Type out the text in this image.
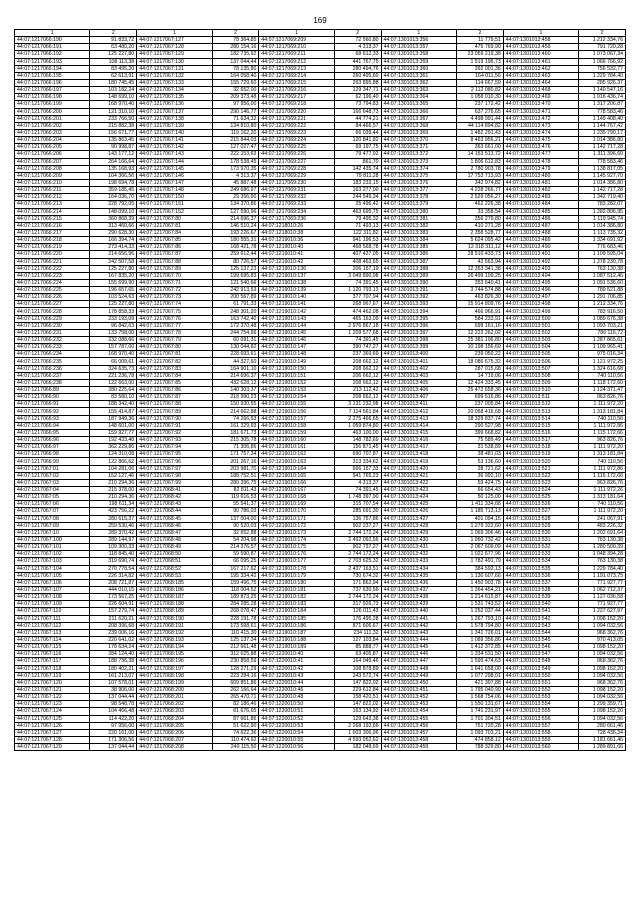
169
1	2	1	2	1	2	1	2	1	2
44:07:1217066:190	91 833,72	44:07:1217067:127	78 364,85	44:07:1217069:209	72 560,80	44:07:1301013:356	11 779,51	44:07:1301013:458	1 212 334,76
44:07:1217066:191	63 480,20	44:07:1217067:128	280 154,16	44:07:1217069:210	4 313,37	44:07:1301013:357	475 769,90	44:07:1301013:459	791 720,28
44:07:1217066:192	125 227,80	44:07:1217067:129	182 735,92	44:07:1217069:211	68 612,33	44:07:1301013:358	23 059 219,38	44:07:1301013:460	1 073 067,34
44:07:1217066:193	108 113,38	44:07:1217067:130	137 044,44	44:07:1217069:212	441 767,75	44:07:1301013:359	1 519 196,73	44:07:1301013:461	1 066 766,92
44:07:1217066:194	83 495,20	44:07:1217067:131	78 135,80	44:07:1217069:213	280 494,76	44:07:1301013:360	392 001,36	44:07:1301013:462	756 532,77
44:07:1217066:195	62 613,91	44:07:1217067:132	164 058,40	44:07:1217069:214	260 495,60	44:07:1301013:361	164 011,56	44:07:1301013:463	1 229 784,40
44:07:1217066:196	180 745,45	44:07:1217067:133	155 729,60	44:07:1217069:215	263 895,88	44:07:1301013:362	114 667,59	44:07:1301013:464	285 926,37
44:07:1217066:197	103 182,24	44:07:1217067:134	32 652,00	44:07:1217069:216	129 347,71	44:07:1301013:363	2 112 080,82	44:07:1301013:468	1 140 547,16
44:07:1217066:198	148 699,10	44:07:1217067:135	209 373,48	44:07:1217069:217	62 196,40	44:07:1301013:364	1 058 010,30	44:07:1301013:469	1 016 436,74
44:07:1217066:199	168 970,40	44:07:1217067:136	97 956,00	44:07:1217069:218	73 794,83	44:07:1301013:365	237 172,42	44:07:1301013:470	1 317 206,87
44:07:1217066:200	121 310,10	44:07:1217067:137	290 146,77	44:07:1217069:220	166 648,73	44:07:1301013:366	637 276,65	44:07:1301013:471	778 583,46
44:07:1217066:201	233 766,50	44:07:1217067:138	71 634,32	44:07:1217069:221	44 774,21	44:07:1301013:367	4 498 991,44	44:07:1301013:472	1 149 408,40
44:07:1217066:202	215 882,38	44:07:1217067:139	134 810,80	44:07:1217069:222	84 466,57	44:07:1301013:368	44 114 894,82	44:07:1301013:473	1 144 767,42
44:07:1217066:203	156 671,77	44:07:1217067:140	119 162,20	44:07:1217069:223	66 039,44	44:07:1301013:369	1 482 291,43	44:07:1301013:474	1 235 790,17
44:07:1217066:204	135 863,45	44:07:1217067:141	215 844,03	44:07:1217069:224	120 841,82	44:07:1301013:370	8 463 956,21	44:07:1301013:475	1 014 386,80
44:07:1217066:205	90 998,87	44:07:1217067:142	127 027,47	44:07:1217069:225	69 197,75	44:07:1301013:371	363 661,00	44:07:1301013:476	1 142 717,28
44:07:1217066:206	143 177,12	44:07:1217067:143	222 153,63	44:07:1217069:226	79 477,92	44:07:1301013:372	14 153 513,72	44:07:1301013:477	1 311 396,60
44:07:1217066:207	264 166,64	44:07:1217067:144	178 538,45	44:07:1217069:227	861,70	44:07:1301013:373	1 806 612,83	44:07:1301013:478	778 583,46
44:07:1217066:208	135 168,93	44:07:1217067:145	173 970,35	44:07:1217069:228	142 435,74	44:07:1301013:374	2 780 903,78	44:07:1301013:479	1 138 817,05
44:07:1217066:209	104 366,56	44:07:1217067:146	4 313,37	44:07:1217069:229	79 811,28	44:07:1301013:375	17 753 713,93	44:07:1301013:480	1 145 927,70
44:07:1217066:210	198 694,78	44:07:1217067:147	45 887,48	44:07:1217069:230	183 233,15	44:07:1301013:376	342 974,82	44:07:1301013:481	1 014 386,80
44:07:1217066:211	359 185,45	44:07:1217067:148	249 686,97	44:07:1217069:231	163 277,00	44:07:1301013:377	4 228 266,77	44:07:1301013:482	1 142 717,28
44:07:1217066:212	164 036,70	44:07:1217067:150	29 356,90	44:07:1217069:232	244 549,34	44:07:1301013:378	2 529 056,27	44:07:1301013:483	1 342 719,40
44:07:1217066:213	228 792,05	44:07:1217067:151	134 370,86	44:07:1217069:233	25 496,42	44:07:1301013:379	462 226,38	44:07:1301013:484	783 282,07
44:07:1217066:214	148 099,10	44:07:1217067:152	127 590,96	44:07:1217069:234	463 695,75	44:07:1301013:380	33 358,54	44:07:1301013:485	1 282 806,95
44:07:1217066:215	360 868,39	44:07:1217067:80	214 696,37	44:07:1217069:236	79 495,32	44:07:1301013:381	356 279,80	44:07:1301013:486	1 119 945,74
44:07:1217066:216	313 460,66	44:07:1217067:81	146 510,24	44:07:1218010:26	71 493,13	44:07:1301013:382	410 271,28	44:07:1301013:487	1 014 386,80
44:07:1217066:217	290 628,30	44:07:1217067:84	193 226,67	44:07:1218010:38	122 311,82	44:07:1301013:383	2 358 528,77	44:07:1301013:488	1 113 735,32
44:07:1217066:218	166 394,74	44:07:1217067:85	180 555,31	44:07:1219010:36	941 196,53	44:07:1301013:384	5 624 095,42	44:07:1301013:489	1 334 691,92
44:07:1217066:219	273 414,33	44:07:1217067:86	168 421,78	44:07:1219010:40	468 568,78	44:07:1301013:385	12 318 311,12	44:07:1301013:490	776 683,46
44:07:1217066:220	214 656,96	44:07:1217067:87	259 612,44	44:07:1219010:41	407 437,05	44:07:1301013:386	28 510 433,73	44:07:1301013:491	1 109 595,04
44:07:1217066:221	242 507,58	44:07:1217067:88	80 726,57	44:07:1219010:42	408 463,65	44:07:1301013:387	42 663,94	44:07:1301013:492	1 278 230,78
44:07:1217066:222	125 227,80	44:07:1217067:89	125 137,23	44:07:1219010:136	206 157,19	44:07:1301013:388	12 353 341,38	44:07:1301013:493	763 130,38
44:07:1217066:223	167 835,20	44:07:1217067:70	199 695,83	44:07:1219010:137	3 049 890,98	44:07:1301013:389	26 499 109,25	44:07:1301013:494	1 087 512,46
44:07:1217066:224	155 699,90	44:07:1217067:71	121 540,66	44:07:1219010:138	74 391,45	44:07:1301013:390	353 640,41	44:07:1301013:495	1 091 536,60
44:07:1217066:225	196 657,65	44:07:1217067:72	242 913,53	44:07:1219010:139	1 120 793,13	44:07:1301013:391	3 744 574,88	44:07:1301013:496	789 521,88
44:07:1217066:226	103 524,63	44:07:1217067:73	200 567,89	44:07:1219010:140	377 707,94	44:07:1301013:392	463 826,30	44:07:1301013:497	1 291 706,85
44:07:1217066:227	125 227,80	44:07:1217067:74	61 791,33	44:07:1219010:141	268 967,67	44:07:1301013:393	15 914 809,76	44:07:1301013:498	1 212 334,76
44:07:1217066:228	178 858,33	44:07:1217067:75	248 301,20	44:07:1219010:142	474 462,08	44:07:1301013:394	466 966,91	44:07:1301013:499	783 916,50
44:07:1217066:229	233 193,09	44:07:1217067:76	163 742,40	44:07:1219010:143	465 163,09	44:07:1301013:395	584 233,91	44:07:1301013:500	1 089 676,38
44:07:1217066:230	96 842,63	44:07:1217067:77	172 370,48	44:07:1219010:144	2 976 867,18	44:07:1301013:396	699 161,16	44:07:1301013:501	1 093 703,21
44:07:1217066:231	133 758,00	44:07:1217067:78	244 754,66	44:07:1219010:145	1 209 577,68	44:07:1301013:397	12 223 262,02	44:07:1301013:502	786 116,72
44:07:1217066:232	232 088,66	44:07:1217067:79	60 091,31	44:07:1219010:146	74 391,45	44:07:1301013:398	25 381 196,80	44:07:1301013:503	1 287 865,61
44:07:1217066:233	157 787,00	44:07:1217067:80	130 044,82	44:07:1219010:147	390 747,27	44:07:1301013:399	10 198 156,69	44:07:1301013:504	1 109 965,41
44:07:1217066:234	168 970,40	44:07:1217067:81	228 693,61	44:07:1219010:148	237 369,69	44:07:1301013:400	239 050,22	44:07:1301013:505	975 016,34
44:07:1217066:235	66 009,61	44:07:1217067:82	44 327,60	44:07:1219010:149	208 662,12	44:07:1301013:401	18 086 675,32	44:07:1301013:506	1 121 972,25
44:07:1217066:236	324 635,73	44:07:1217067:83	164 901,10	44:07:1219010:150	208 662,12	44:07:1301013:402	287 015,68	44:07:1301013:507	1 324 616,68
44:07:1217066:237	221 236,78	44:07:1217067:84	214 696,37	44:07:1219010:151	206 662,12	44:07:1301013:403	14 719,06	44:07:1301013:508	740 110,56
44:07:1217066:238	122 663,00	44:07:1217067:85	432 628,12	44:07:1219010:152	208 662,12	44:07:1301013:405	12 424 333,45	44:07:1301013:509	1 118 172,60
44:07:1217066:89	280 225,64	44:07:1217067:86	140 303,37	44:07:1219010:153	213 112,42	44:07:1301013:406	25 472 658,36	44:07:1301013:510	1 124 371,47
44:07:1217066:90	83 580,10	44:07:1217067:87	218 990,23	44:07:1219010:154	208 662,12	44:07:1301013:407	699 516,86	44:07:1301013:511	963 826,76
44:07:1217066:91	188 342,40	44:07:1217067:88	150 930,55	44:07:1219010:155	3 131 232,98	44:07:1301013:411	237 005,84	44:07:1301013:512	1 111 972,20
44:07:1217066:92	155 414,87	44:07:1217067:89	214 662,88	44:07:1219010:156	7 114 561,84	44:07:1301013:412	20 058 416,68	44:07:1301013:513	1 313 181,84
44:07:1217066:93	187 949,36	44:07:1217067:90	74 266,53	44:07:1219010:157	2 275 466,65	44:07:1301013:413	18 329 837,74	44:07:1301013:514	740 110,56
44:07:1217066:94	148 601,00	44:07:1217067:91	161 329,93	44:07:1219010:158	1 059 874,80	44:07:1301013:414	290 527,98	44:07:1301013:515	1 111 972,86
44:07:1217066:95	159 927,77	44:07:1217067:92	181 671,73	44:07:1219010:159	463 100,00	44:07:1301013:415	399 668,82	44:07:1301013:516	1 115 172,66
44:07:1217066:96	192 433,48	44:07:1217067:93	215 305,78	44:07:1219010:160	148 782,69	44:07:1301013:416	75 589,49	44:07:1301013:517	963 826,76
44:07:1217066:97	362 229,86	44:07:1217067:94	71 306,86	44:07:1219010:161	156 871,45	44:07:1301013:417	31 538,89	44:07:1301013:518	1 111 972,20
44:07:1217066:98	124 310,08	44:07:1217067:95	171 757,34	44:07:1219010:162	690 707,87	44:07:1301013:418	38 481,03	44:07:1301013:519	1 313 181,84
44:07:1217066:99	122 866,62	44:07:1217067:96	201 267,16	44:07:1219010:163	313 334,62	44:07:1301013:419	53 136,60	44:07:1301013:520	740 110,56
44:07:1217067:01	104 281,06	44:07:1217067:97	203 981,70	44:07:1219010:164	666 157,33	44:07:1301013:420	28 721,62	44:07:1301013:521	1 111 972,86
44:07:1217067:02	152 127,46	44:07:1217067:98	188 752,51	44:07:1219010:165	941 765,23	44:07:1301013:421	36 992,10	44:07:1301013:522	1 115 172,66
44:07:1217067:03	210 294,36	44:07:1217067:99	280 396,75	44:07:1219010:166	4 313,37	44:07:1301013:422	59 424,75	44:07:1301013:523	963 826,76
44:07:1217067:04	215 378,00	44:07:1217068:41	82 811,43	44:07:1219010:167	74 391,45	44:07:1301013:423	66 654,43	44:07:1301013:524	1 111 972,26
44:07:1217067:05	210 294,36	44:07:1217068:42	119 616,53	44:07:1219010:168	1 748 397,90	44:07:1301013:424	50 125,00	44:07:1301013:525	1 313 181,64
44:07:1217067:06	198 611,34	44:07:1217068:43	55 541,37	44:07:1219010:169	315 707,54	44:07:1301013:425	1 411 334,68	44:07:1301013:526	740 110,56
44:07:1217067:07	423 756,22	44:07:1217068:44	90 786,03	44:07:1219010:170	285 691,30	44:07:1301013:426	1 185 713,13	44:07:1301013:527	1 111 972,20
44:07:1217067:08	280 615,37	44:07:1217068:45	137 004,00	44:07:1219010:171	136 757,86	44:07:1301013:427	401 094,15	44:07:1301013:528	241 067,91
44:07:1217067:09	259 530,46	44:07:1217068:46	90 520,03	44:07:1219010:172	902 237,27	44:07:1301013:428	1 279 322,60	44:07:1301013:529	483 226,32
44:07:1217067:10	289 370,42	44:07:1217068:47	32 652,88	44:07:1219010:173	2 744 172,24	44:07:1301013:429	1 069 306,46	44:07:1301013:530	1 202 691,64
44:07:1217067:100	289 144,97	44:07:1217068:48	54 204,98	44:07:1219010:174	2 492 092,56	44:07:1301013:430	1 950 732,42	44:07:1301013:531	763 130,38
44:07:1217067:101	109 300,33	44:07:1217068:49	214 376,57	44:07:1219010:175	902 737,27	44:07:1301013:431	2 067 609,09	44:07:1301013:532	1 280 500,39
44:07:1217067:102	118 845,40	44:07:1217068:50	59 590,87	44:07:1219010:176	2 744 172,24	44:07:1301013:432	1 022 677,96	44:07:1301013:533	1 048 394,28
44:07:1217067:103	319 690,74	44:07:1217068:51	66 095,25	44:07:1219010:177	2 703 625,32	44:07:1301013:433	1 782 491,79	44:07:1301013:534	763 130,38
44:07:1217067:104	270 778,54	44:07:1217068:52	167 217,62	44:07:1219010:178	2 437 163,51	44:07:1301013:434	384 592,13	44:07:1301013:535	1 229 784,40
44:07:1217067:105	226 314,82	44:07:1217068:53	195 334,42	44:07:1219010:179	730 674,32	44:07:1301013:435	1 130 607,66	44:07:1301013:536	1 191 073,75
44:07:1217067:106	208 721,87	44:07:1217068:185	159 496,75	44:07:1219010:180	171 862,94	44:07:1301013:436	1 450 903,78	44:07:1301013:537	771 927,77
44:07:1217067:107	444 010,15	44:07:1217068:186	118 004,52	44:07:1219010:181	737 630,56	44:07:1301013:437	1 264 454,21	44:07:1301013:538	1 062 712,37
44:07:1217067:108	173 567,25	44:07:1217068:187	189 873,25	44:07:1219010:182	2 744 172,24	44:07:1301013:438	1 214 615,87	44:07:1301013:539	1 127 036,58
44:07:1217067:109	226 604,91	44:07:1217068:188	284 285,28	44:07:1219010:183	317 926,73	44:07:1301013:439	1 531 743,52	44:07:1301013:540	771 927,77
44:07:1217067:110	157 279,74	44:07:1217068:189	268 078,47	44:07:1219010:184	126 011,43	44:07:1301013:440	1 252 037,44	44:07:1301013:541	1 227 627,97
44:07:1217067:111	211 620,21	44:07:1217068:190	228 191,78	44:07:1219010:185	176 495,28	44:07:1301013:441	1 267 793,10	44:07:1301013:542	1 098 152,20
44:07:1217067:112	208 396,68	44:07:1217068:191	173 598,61	44:07:1219010:186	871 606,67	44:07:1301013:442	1 578 794,80	44:07:1301013:543	1 094 032,56
44:07:1217067:113	239 006,16	44:07:1217068:192	110 415,30	44:07:1219010:187	234 111,32	44:07:1301013:443	1 341 726,01	44:07:1301013:544	968 362,76
44:07:1217067:114	220 641,02	44:07:1217068:193	125 137,34	44:07:1219010:188	127 103,84	44:07:1301013:444	1 089 356,86	44:07:1301013:545	970 413,05
44:07:1217067:115	178 634,24	44:07:1217068:194	212 661,48	44:07:1219010:189	85 888,77	44:07:1301013:445	1 412 372,85	44:07:1301013:546	1 098 152,20
44:07:1217067:116	284 124,40	44:07:1217068:195	312 025,88	44:07:1220010:40	63 405,87	44:07:1301013:446	1 334 531,50	44:07:1301013:547	1 094 032,56
44:07:1217067:117	188 736,38	44:07:1217068:196	230 858,59	44:07:1220010:41	164 049,46	44:07:1301013:447	1 599 474,63	44:07:1301013:548	968 362,76
44:07:1217067:118	180 402,21	44:07:1217068:197	128 271,29	44:07:1220010:42	108 878,89	44:07:1301013:448	1 641 658,00	44:07:1301013:549	1 098 152,20
44:07:1217067:119	161 213,07	44:07:1217068:198	223 284,16	44:07:1220010:43	243 572,74	44:07:1301013:449	1 077 298,01	44:07:1301013:550	1 094 032,56
44:07:1217067:120	107 578,01	44:07:1217068:199	609 851,86	44:07:1220010:44	147 822,02	44:07:1301013:450	421 397,88	44:07:1301013:551	968 362,76
44:07:1217067:121	38 906,00	44:07:1217068:200	262 166,64	44:07:1220010:46	229 612,84	44:07:1301013:451	1 795 040,90	44:07:1301013:552	1 098 152,20
44:07:1217067:122	137 044,44	44:07:1217068:201	265 470,71	44:07:1220010:48	158 420,51	44:07:1301013:452	1 568 754,06	44:07:1301013:553	1 094 032,56
44:07:1217067:123	98 548,78	44:07:1217068:202	82 186,46	44:07:1220010:50	147 822,02	44:07:1301013:453	1 550 131,67	44:07:1301013:554	1 299 359,71
44:07:1217067:124	104 466,48	44:07:1217068:203	61 676,65	44:07:1220010:51	163 134,92	44:07:1301013:454	1 741 231,97	44:07:1301013:555	1 098 152,20
44:07:1217067:125	114 422,20	44:07:1217068:204	87 661,86	44:07:1220010:52	129 643,38	44:07:1301013:455	1 701 304,51	44:07:1301013:556	1 094 032,56
44:07:1217067:126	97 956,00	44:07:1217068:205	51 622,90	44:07:1220010:53	2 268 192,66	44:07:1301013:456	751 720,28	44:07:1301013:557	280 661,46
44:07:1217067:127	220 161,00	44:07:1217068:206	74 622,36	44:07:1220010:54	1 003 306,96	44:07:1301013:457	1 093 703,21	44:07:1301013:558	728 436,34
44:07:1217067:128	171 306,56	44:07:1217068:207	110 474,92	44:07:1220010:55	4 593 952,62	44:07:1301013:458	474 858,12	44:07:1301013:559	1 181 661,46
44:07:1217067:129	137 044,44	44:07:1217068:208	240 115,50	44:07:1220010:56	182 048,69	44:07:1301013:459	788 329,80	44:07:1301013:560	1 289 891,66
